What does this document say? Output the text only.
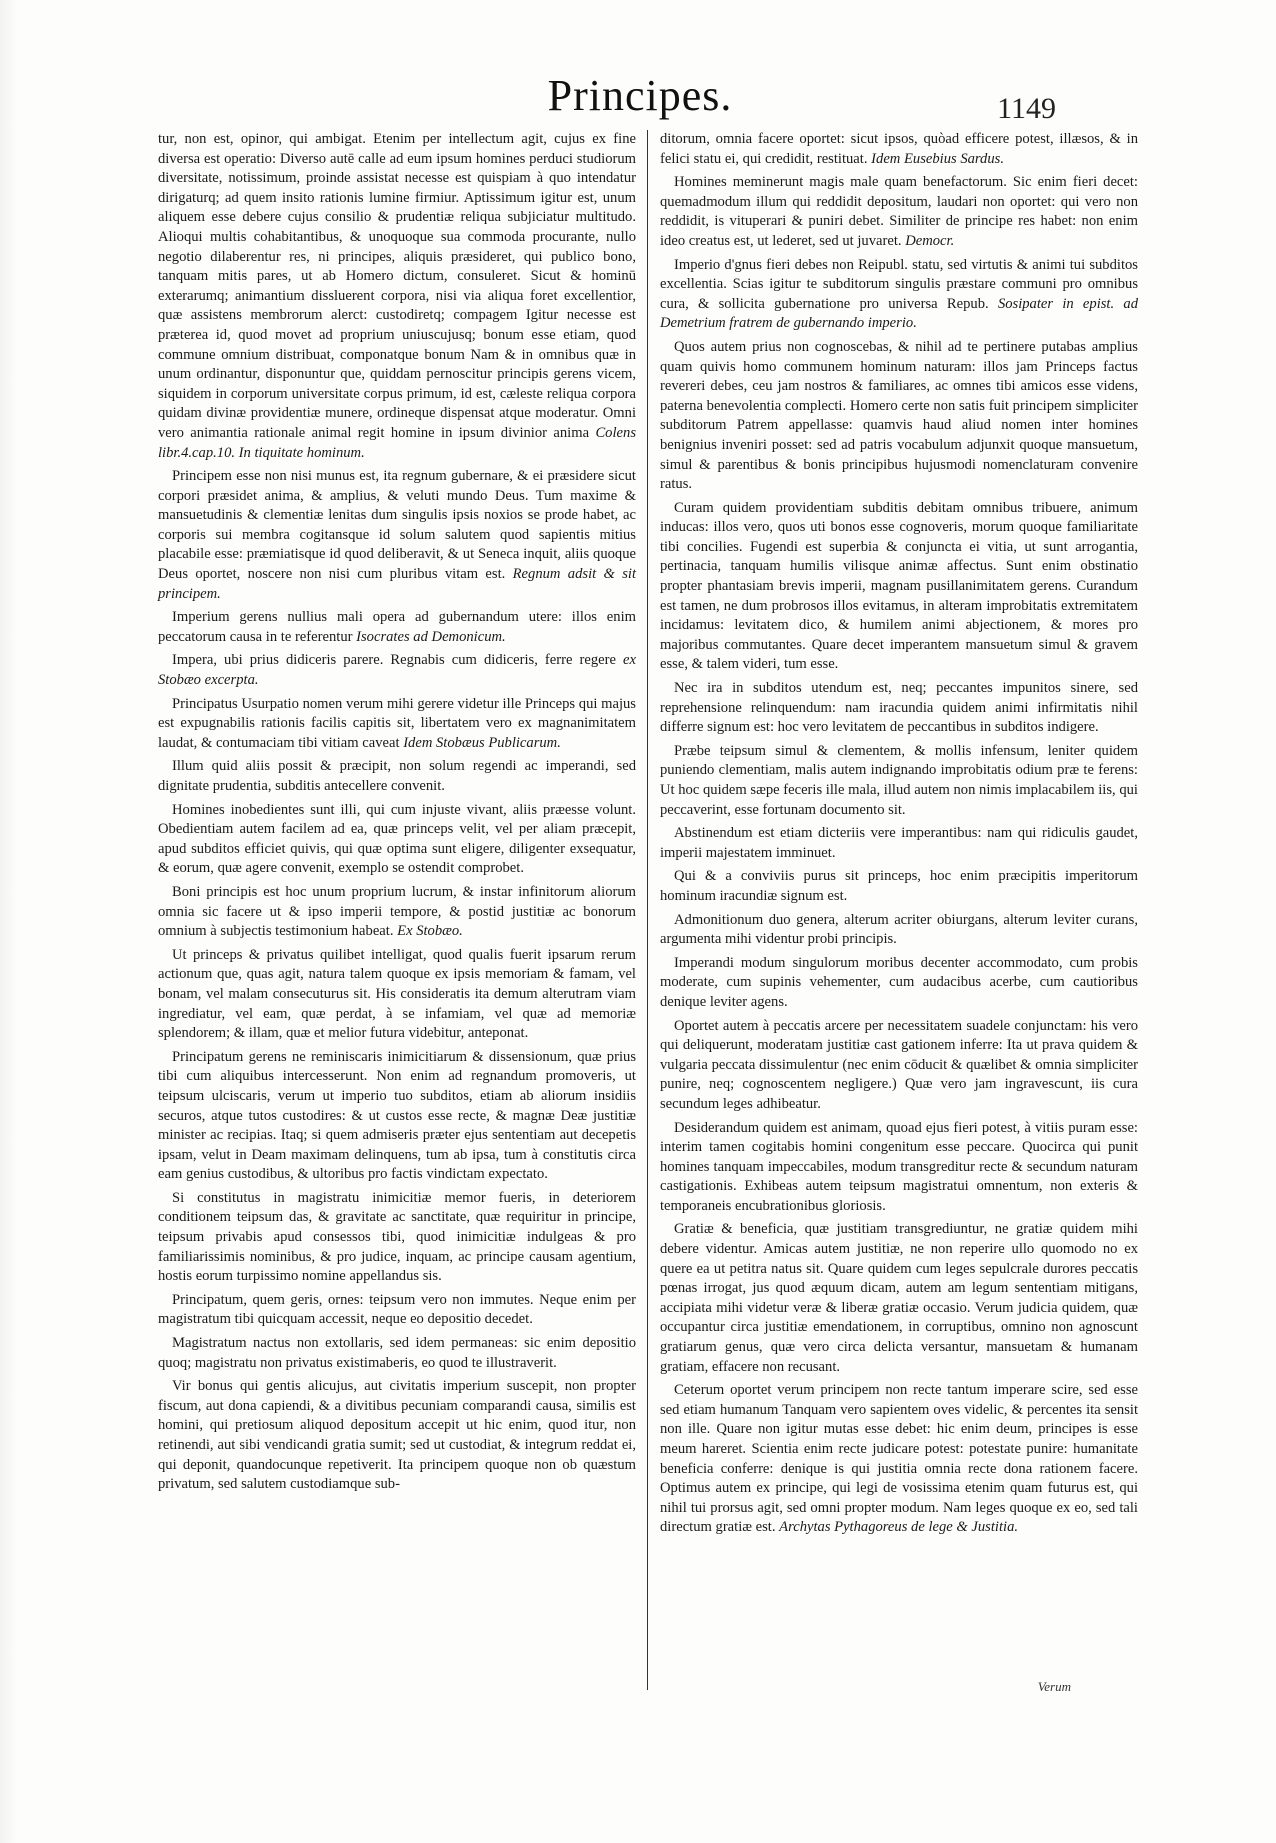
Principes.	1149

tur, non est, opinor, qui ambigat. Etenim per intellectum agit, cujus ex fine diversa est operatio: Diverso autē calle ad eum ipsum homines perduci studiorum diversitate, notissimum, proinde assistat necesse est quispiam à quo intendatur dirigaturq; ad quem insito rationis lumine firmiur. Aptissimum igitur est, unum aliquem esse debere cujus consilio & prudentiæ reliqua subjiciatur multitudo. Alioqui multis cohabitantibus, & unoquoque sua commoda procurante, nullo negotio dilaberentur res, ni principes, aliquis præsideret, qui publico bono, tanquam mitis pares, ut ab Homero dictum, consuleret. Sicut & hominū exterarumq; animantium dissluerent corpora, nisi via aliqua foret excellentior, quæ assistens membrorum alerct: custodiretq; compagem Igitur necesse est præterea id, quod movet ad proprium uniuscujusq; bonum esse etiam, quod commune omnium distribuat, componatque bonum Nam & in omnibus quæ in unum ordinantur, disponuntur que, quiddam pernoscitur principis gerens vicem, siquidem in corporum universitate corpus primum, id est, cæleste reliqua corpora quidam divinæ providentiæ munere, ordineque dispensat atque moderatur. Omni vero animantia rationale animal regit homine in ipsum divinior anima Colens libr.4.cap.10. In tiquitate hominum.

Principem esse non nisi munus est, ita regnum gubernare, & ei præsidere sicut corpori præsidet anima, & amplius, & veluti mundo Deus. Tum maxime & mansuetudinis & clementiæ lenitas dum singulis ipsis noxios se prode habet, ac corporis sui membra cogitansque id solum salutem quod sapientis mitius placabile esse: præmiatisque id quod deliberavit, & ut Seneca inquit, aliis quoque Deus oportet, noscere non nisi cum pluribus vitam est. Regnum adsit & sit principem.

Imperium gerens nullius mali opera ad gubernandum utere: illos enim peccatorum causa in te referentur Isocrates ad Demonicum.

Impera, ubi prius didiceris parere. Regnabis cum didiceris, ferre regere ex Stobæo excerpta.

Principatus Usurpatio nomen verum mihi gerere videtur ille Princeps qui majus est expugnabilis rationis facilis capitis sit, libertatem vero ex magnanimitatem laudat, & contumaciam tibi vitiam caveat Idem Stobæus Publicarum.

Illum quid aliis possit & præcipit, non solum regendi ac imperandi, sed dignitate prudentia, subditis antecellere convenit.

Homines inobedientes sunt illi, qui cum injuste vivant, aliis præesse volunt. Obedientiam autem facilem ad ea, quæ princeps velit, vel per aliam præcepit, apud subditos efficiet quivis, qui quæ optima sunt eligere, diligenter exsequatur, & eorum, quæ agere convenit, exemplo se ostendit comprobet.

Boni principis est hoc unum proprium lucrum, & instar infinitorum aliorum omnia sic facere ut & ipso imperii tempore, & postid justitiæ ac bonorum omnium à subjectis testimonium habeat. Ex Stobæo.

Ut princeps & privatus quilibet intelligat, quod qualis fuerit ipsarum rerum actionum que, quas agit, natura talem quoque ex ipsis memoriam & famam, vel bonam, vel malam consecuturus sit. His consideratis ita demum alterutram viam ingrediatur, vel eam, quæ perdat, à se infamiam, vel quæ ad memoriæ splendorem; & illam, quæ et melior futura videbitur, anteponat.

Principatum gerens ne reminiscaris inimicitiarum & dissensionum, quæ prius tibi cum aliquibus intercesserunt. Non enim ad regnandum promoveris, ut teipsum ulciscaris, verum ut imperio tuo subditos, etiam ab aliorum insidiis securos, atque tutos custodires: & ut custos esse recte, & magnæ Deæ justitiæ minister ac recipias. Itaq; si quem admiseris præter ejus sententiam aut decepetis ipsam, velut in Deam maximam delinquens, tum ab ipsa, tum à constitutis circa eam genius custodibus, & ultoribus pro factis vindictam expectato.

Si constitutus in magistratu inimicitiæ memor fueris, in deteriorem conditionem teipsum das, & gravitate ac sanctitate, quæ requiritur in principe, teipsum privabis apud consessos tibi, quod inimicitiæ indulgeas & pro familiarissimis nominibus, & pro judice, inquam, ac principe causam agentium, hostis eorum turpissimo nomine appellandus sis.

Principatum, quem geris, ornes: teipsum vero non immutes. Neque enim per magistratum tibi quicquam accessit, neque eo depositio decedet.

Magistratum nactus non extollaris, sed idem permaneas: sic enim depositio quoq; magistratu non privatus existimaberis, eo quod te illustraverit.

Vir bonus qui gentis alicujus, aut civitatis imperium suscepit, non propter fiscum, aut dona capiendi, & a divitibus pecuniam comparandi causa, similis est homini, qui pretiosum aliquod depositum accepit ut hic enim, quod itur, non retinendi, aut sibi vendicandi gratia sumit; sed ut custodiat, & integrum reddat ei, qui deponit, quandocunque repetiverit. Ita principem quoque non ob quæstum privatum, sed salutem custodiamque sub-

ditorum, omnia facere oportet: sicut ipsos, quòad efficere potest, illæsos, & in felici statu ei, qui credidit, restituat. Idem Eusebius Sardus.

Homines meminerunt magis male quam benefactorum. Sic enim fieri decet: quemadmodum illum qui reddidit depositum, laudari non oportet: qui vero non reddidit, is vituperari & puniri debet. Similiter de principe res habet: non enim ideo creatus est, ut lederet, sed ut juvaret. Democr.

Imperio d'gnus fieri debes non Reipubl. statu, sed virtutis & animi tui subditos excellentia. Scias igitur te subditorum singulis præstare communi pro omnibus cura, & sollicita gubernatione pro universa Repub. Sosipater in epist. ad Demetrium fratrem de gubernando imperio.

Quos autem prius non cognoscebas, & nihil ad te pertinere putabas amplius quam quivis homo communem hominum naturam: illos jam Princeps factus revereri debes, ceu jam nostros & familiares, ac omnes tibi amicos esse videns, paterna benevolentia complecti. Homero certe non satis fuit principem simpliciter subditorum Patrem appellasse: quamvis haud aliud nomen inter homines benignius inveniri posset: sed ad patris vocabulum adjunxit quoque mansuetum, simul & parentibus & bonis principibus hujusmodi nomenclaturam convenire ratus.

Curam quidem providentiam subditis debitam omnibus tribuere, animum inducas: illos vero, quos uti bonos esse cognoveris, morum quoque familiaritate tibi concilies. Fugendi est superbia & conjuncta ei vitia, ut sunt arrogantia, pertinacia, tanquam humilis vilisque animæ affectus. Sunt enim obstinatio propter phantasiam brevis imperii, magnam pusillanimitatem gerens. Curandum est tamen, ne dum probrosos illos evitamus, in alteram improbitatis extremitatem incidamus: levitatem dico, & humilem animi abjectionem, & mores pro majoribus commutantes. Quare decet imperantem mansuetum simul & gravem esse, & talem videri, tum esse.

Nec ira in subditos utendum est, neq; peccantes impunitos sinere, sed reprehensione relinquendum: nam iracundia quidem animi infirmitatis nihil differre signum est: hoc vero levitatem de peccantibus in subditos indigere.

Præbe teipsum simul & clementem, & mollis infensum, leniter quidem puniendo clementiam, malis autem indignando improbitatis odium præ te ferens: Ut hoc quidem sæpe feceris ille mala, illud autem non nimis implacabilem iis, qui peccaverint, esse fortunam documento sit.

Abstinendum est etiam dicteriis vere imperantibus: nam qui ridiculis gaudet, imperii majestatem imminuet.

Qui & a conviviis purus sit princeps, hoc enim præcipitis imperitorum hominum iracundiæ signum est.

Admonitionum duo genera, alterum acriter obiurgans, alterum leviter curans, argumenta mihi videntur probi principis.

Imperandi modum singulorum moribus decenter accommodato, cum probis moderate, cum supinis vehementer, cum audacibus acerbe, cum cautioribus denique leviter agens.

Oportet autem à peccatis arcere per necessitatem suadele conjunctam: his vero qui deliquerunt, moderatam justitiæ cast gationem inferre: Ita ut prava quidem & vulgaria peccata dissimulentur (nec enim cōducit & quælibet & omnia simpliciter punire, neq; cognoscentem negligere.) Quæ vero jam ingravescunt, iis cura secundum leges adhibeatur.

Desiderandum quidem est animam, quoad ejus fieri potest, à vitiis puram esse: interim tamen cogitabis homini congenitum esse peccare. Quocirca qui punit homines tanquam impeccabiles, modum transgreditur recte & secundum naturam castigationis. Exhibeas autem teipsum magistratui omnentum, non exteris & temporaneis encubrationibus gloriosis.

Gratiæ & beneficia, quæ justitiam transgrediuntur, ne gratiæ quidem mihi debere videntur. Amicas autem justitiæ, ne non reperire ullo quomodo no ex quere ea ut petitra natus sit. Quare quidem cum leges sepulcrale durores peccatis pœnas irrogat, jus quod æquum dicam, autem am legum sententiam mitigans, accipiata mihi videtur veræ & liberæ gratiæ occasio. Verum judicia quidem, quæ occupantur circa justitiæ emendationem, in corruptibus, omnino non agnoscunt gratiarum genus, quæ vero circa delicta versantur, mansuetam & humanam gratiam, effacere non recusant.

Ceterum oportet verum principem non recte tantum imperare scire, sed esse sed etiam humanum Tanquam vero sapientem oves videlic, & percentes ita sensit non ille. Quare non igitur mutas esse debet: hic enim deum, principes is esse meum hareret. Scientia enim recte judicare potest: potestate punire: humanitate beneficia conferre: denique is qui justitia omnia recte dona rationem facere. Optimus autem ex principe, qui legi de vosissima etenim quam futurus est, qui nihil tui prorsus agit, sed omni propter modum. Nam leges quoque ex eo, sed tali directum gratiæ est. Archytas Pythagoreus de lege & Justitia.

Verum
